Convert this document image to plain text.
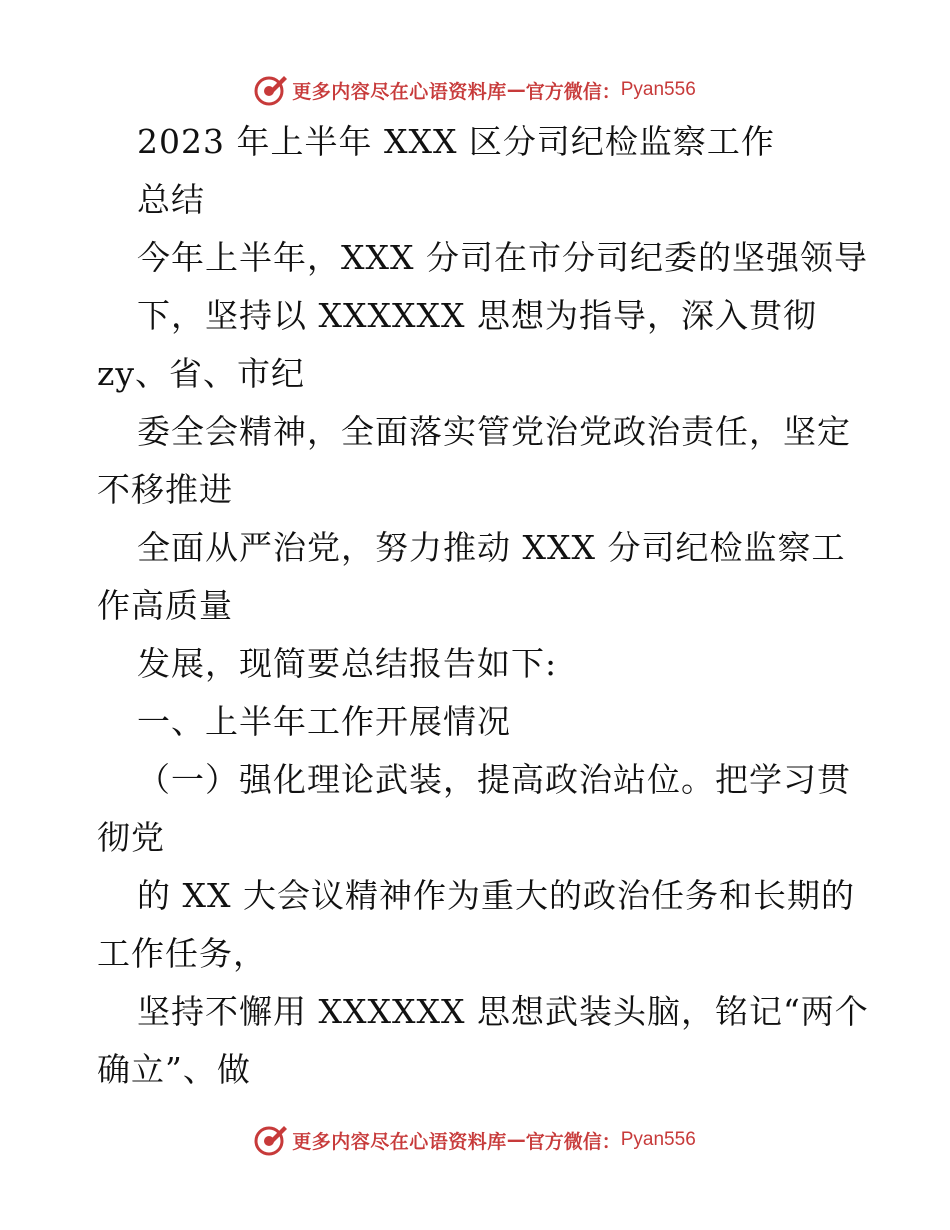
更多内容尽在心语资料库 — 官方微信： Pyan556
2023 年上半年 XXX 区分司纪检监察工作
总结
今年上半年，XXX 分司在市分司纪委的坚强领导
下，坚持以 XXXXXX 思想为指导，深入贯彻
zy、省、市纪
委全会精神，全面落实管党治党政治责任，坚定
不移推进
全面从严治党，努力推动 XXX 分司纪检监察工
作高质量
发展，现简要总结报告如下:
一、上半年工作开展情况
（一）强化理论武装，提高政治站位。把学习贯
彻党
的 XX 大会议精神作为重大的政治任务和长期的
工作任务，
坚持不懈用 XXXXXX 思想武装头脑，铭记“两个
确立”、做
更多内容尽在心语资料库 — 官方微信： Pyan556
